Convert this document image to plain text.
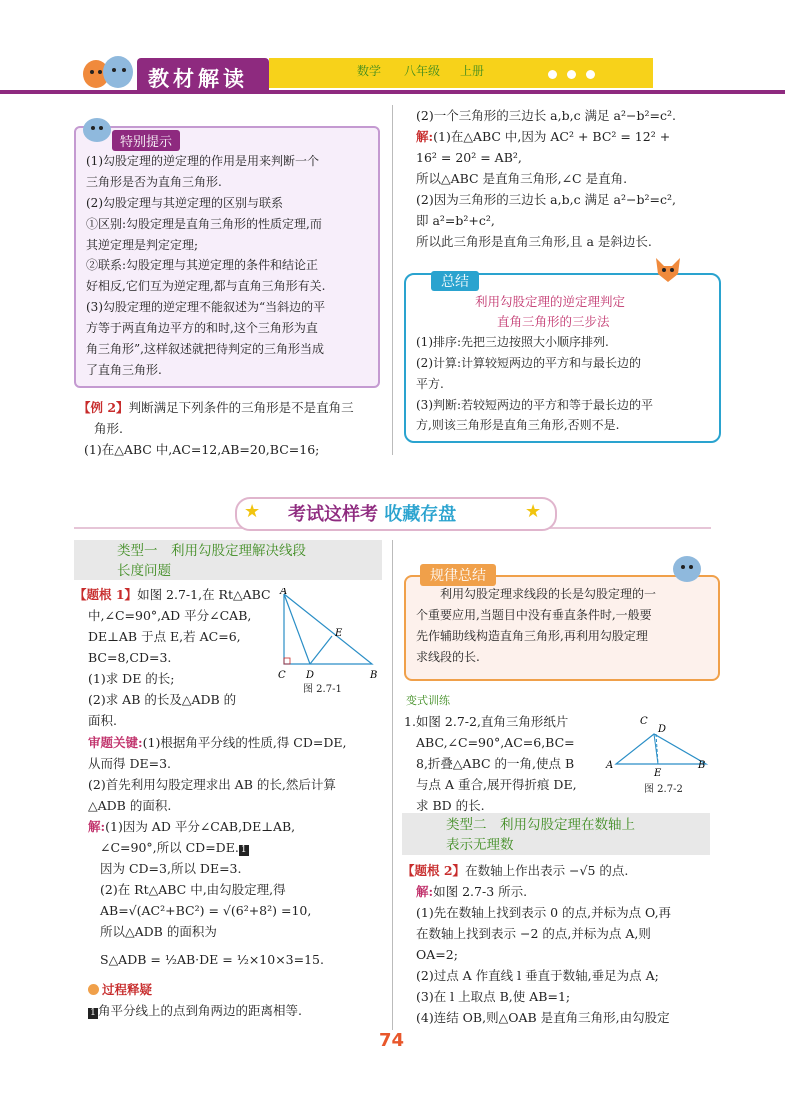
教材解读	数学 八年级 上册
特别提示
(1)勾股定理的逆定理的作用是用来判断一个
三角形是否为直角三角形.
(2)勾股定理与其逆定理的区别与联系
①区别:勾股定理是直角三角形的性质定理,而
其逆定理是判定定理;
②联系:勾股定理与其逆定理的条件和结论正
好相反,它们互为逆定理,都与直角三角形有关.
(3)勾股定理的逆定理不能叙述为“当斜边的平
方等于两直角边平方的和时,这个三角形为直
角三角形”,这样叙述就把待判定的三角形当成
了直角三角形.
【例 2】判断满足下列条件的三角形是不是直角三
角形.
(1)在△ABC 中,AC=12,AB=20,BC=16;
(2)一个三角形的三边长 a,b,c 满足 a²−b²=c².
解:(1)在△ABC 中,因为 AC² + BC² = 12² +
16² = 20² = AB²,
所以△ABC 是直角三角形,∠C 是直角.
(2)因为三角形的三边长 a,b,c 满足 a²−b²=c²,
即 a²=b²+c²,
所以此三角形是直角三角形,且 a 是斜边长.
总结
利用勾股定理的逆定理判定
直角三角形的三步法
(1)排序:先把三边按照大小顺序排列.
(2)计算:计算较短两边的平方和与最长边的
平方.
(3)判断:若较短两边的平方和等于最长边的平
方,则该三角形是直角三角形,否则不是.
★	★
考试这样考 收藏存盘
类型一　利用勾股定理解决线段
长度问题
【题根 1】如图 2.7-1,在 Rt△ABC
中,∠C=90°,AD 平分∠CAB,
DE⊥AB 于点 E,若 AC=6,
BC=8,CD=3.
(1)求 DE 的长;
(2)求 AB 的长及△ADB 的
面积.
A
C D	B
E
图 2.7-1
审题关键:(1)根据角平分线的性质,得 CD=DE,
从而得 DE=3.
(2)首先利用勾股定理求出 AB 的长,然后计算
△ADB 的面积.
解:(1)因为 AD 平分∠CAB,DE⊥AB,
∠C=90°,所以 CD=DE. 1
因为 CD=3,所以 DE=3.
(2)在 Rt△ABC 中,由勾股定理,得
AB=√(AC²+BC²) = √(6²+8²) =10,
所以△ADB 的面积为
S△ADB = ½AB·DE = ½×10×3=15.
过程释疑
1 角平分线上的点到角两边的距离相等.
规律总结
利用勾股定理求线段的长是勾股定理的一
个重要应用,当题目中没有垂直条件时,一般要
先作辅助线构造直角三角形,再利用勾股定理
求线段的长.
变式训练
1.如图 2.7-2,直角三角形纸片
ABC,∠C=90°,AC=6,BC=
8,折叠△ABC 的一角,使点 B
与点 A 重合,展开得折痕 DE,
求 BD 的长.
A
C
D
E
B
图 2.7-2
类型二　利用勾股定理在数轴上
表示无理数
【题根 2】在数轴上作出表示 −√5 的点.
解:如图 2.7-3 所示.
(1)先在数轴上找到表示 0 的点,并标为点 O,再
在数轴上找到表示 −2 的点,并标为点 A,则
OA=2;
(2)过点 A 作直线 l 垂直于数轴,垂足为点 A;
(3)在 l 上取点 B,使 AB=1;
(4)连结 OB,则△OAB 是直角三角形,由勾股定
74
